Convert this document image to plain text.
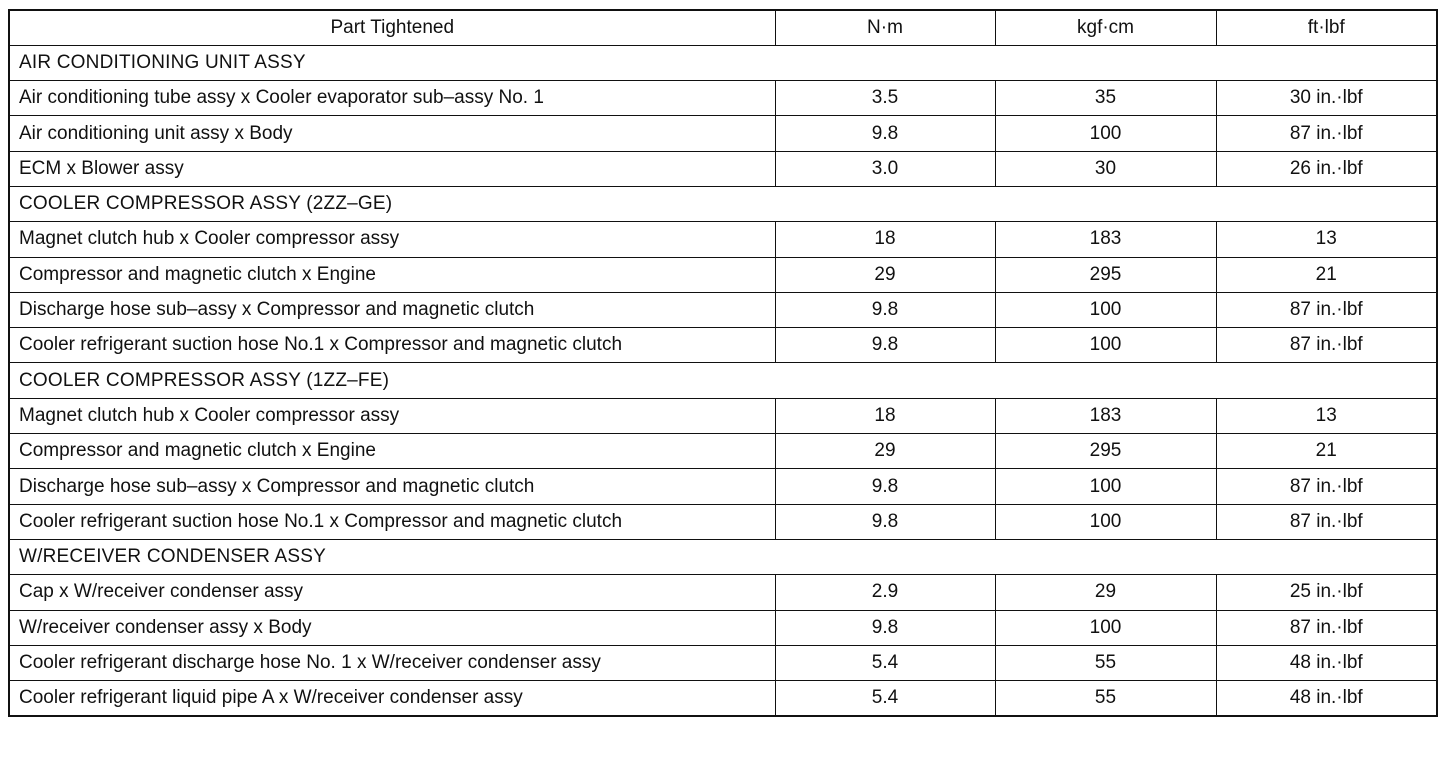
Part Tightened	N·m	kgf·cm	ft·lbf
AIR CONDITIONING UNIT ASSY			
Air conditioning tube assy x Cooler evaporator sub–assy No. 1	3.5	35	30 in.·lbf
Air conditioning unit assy x Body	9.8	100	87 in.·lbf
ECM x Blower assy	3.0	30	26 in.·lbf
COOLER COMPRESSOR ASSY (2ZZ–GE)			
Magnet clutch hub x Cooler compressor assy	18	183	13
Compressor and magnetic clutch x Engine	29	295	21
Discharge hose sub–assy x Compressor and magnetic clutch	9.8	100	87 in.·lbf
Cooler refrigerant suction hose No.1 x Compressor and magnetic clutch	9.8	100	87 in.·lbf
COOLER COMPRESSOR ASSY (1ZZ–FE)			
Magnet clutch hub x Cooler compressor assy	18	183	13
Compressor and magnetic clutch x Engine	29	295	21
Discharge hose sub–assy x Compressor and magnetic clutch	9.8	100	87 in.·lbf
Cooler refrigerant suction hose No.1 x Compressor and magnetic clutch	9.8	100	87 in.·lbf
W/RECEIVER CONDENSER ASSY			
Cap x W/receiver condenser assy	2.9	29	25 in.·lbf
W/receiver condenser assy x Body	9.8	100	87 in.·lbf
Cooler refrigerant discharge hose No. 1 x W/receiver condenser assy	5.4	55	48 in.·lbf
Cooler refrigerant liquid pipe A x W/receiver condenser assy	5.4	55	48 in.·lbf
